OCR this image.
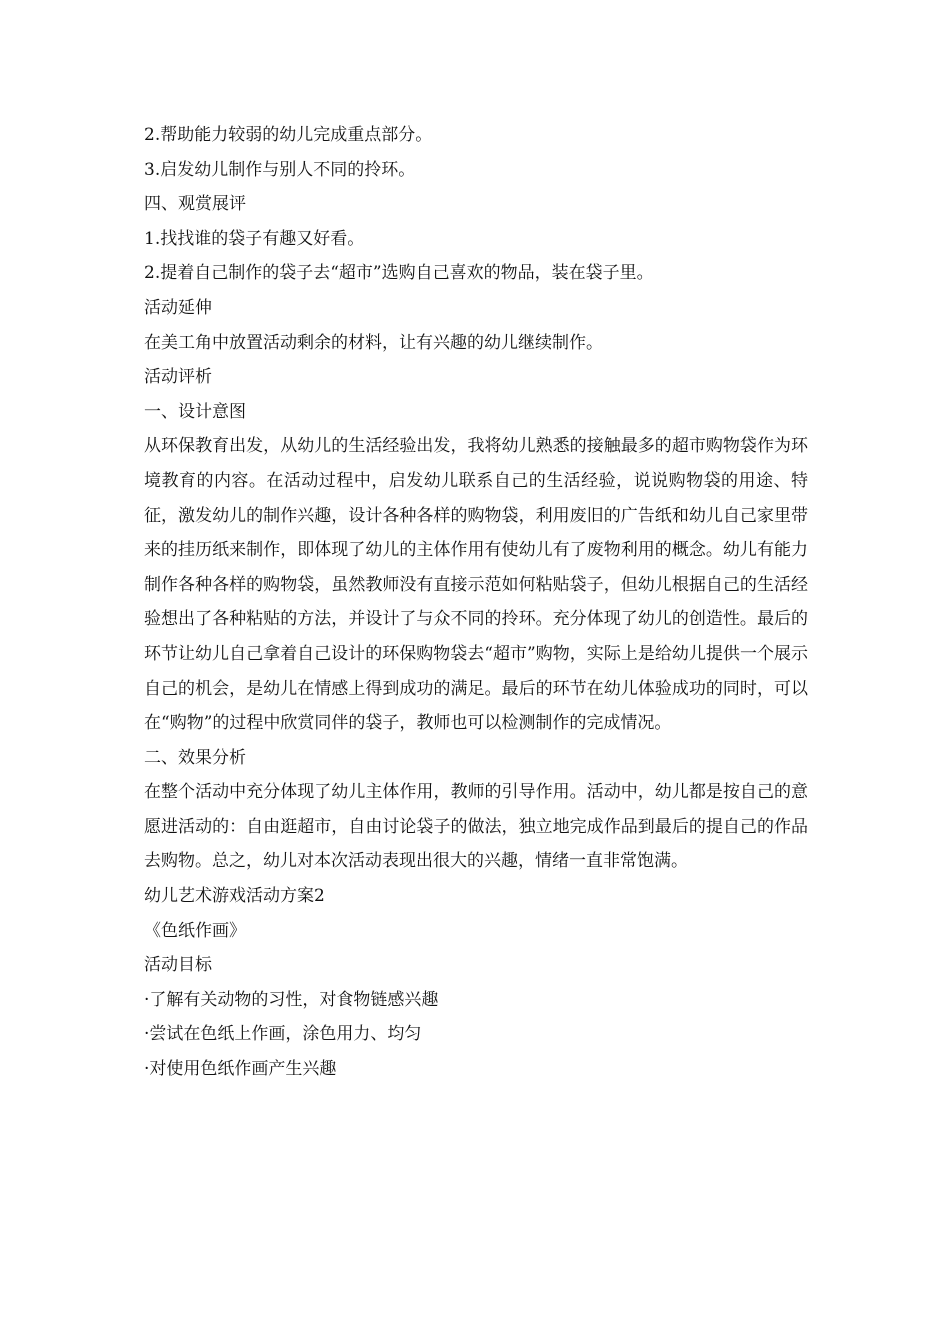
2.帮助能力较弱的幼儿完成重点部分。

3.启发幼儿制作与别人不同的拎环。

四、观赏展评

1.找找谁的袋子有趣又好看。

2.提着自己制作的袋子去“超市”选购自己喜欢的物品，装在袋子里。

活动延伸

在美工角中放置活动剩余的材料，让有兴趣的幼儿继续制作。

活动评析

一、设计意图

从环保教育出发，从幼儿的生活经验出发，我将幼儿熟悉的接触最多的超市购物袋作为环境教育的内容。在活动过程中，启发幼儿联系自己的生活经验，说说购物袋的用途、特征，激发幼儿的制作兴趣，设计各种各样的购物袋，利用废旧的广告纸和幼儿自己家里带来的挂历纸来制作，即体现了幼儿的主体作用有使幼儿有了废物利用的概念。幼儿有能力制作各种各样的购物袋，虽然教师没有直接示范如何粘贴袋子，但幼儿根据自己的生活经验想出了各种粘贴的方法，并设计了与众不同的拎环。充分体现了幼儿的创造性。最后的环节让幼儿自己拿着自己设计的环保购物袋去“超市”购物，实际上是给幼儿提供一个展示自己的机会，是幼儿在情感上得到成功的满足。最后的环节在幼儿体验成功的同时，可以在“购物”的过程中欣赏同伴的袋子，教师也可以检测制作的完成情况。

二、效果分析

在整个活动中充分体现了幼儿主体作用，教师的引导作用。活动中，幼儿都是按自己的意愿进活动的：自由逛超市，自由讨论袋子的做法，独立地完成作品到最后的提自己的作品去购物。总之，幼儿对本次活动表现出很大的兴趣，情绪一直非常饱满。

幼儿艺术游戏活动方案2

《色纸作画》

活动目标

·了解有关动物的习性，对食物链感兴趣

·尝试在色纸上作画，涂色用力、均匀

·对使用色纸作画产生兴趣
